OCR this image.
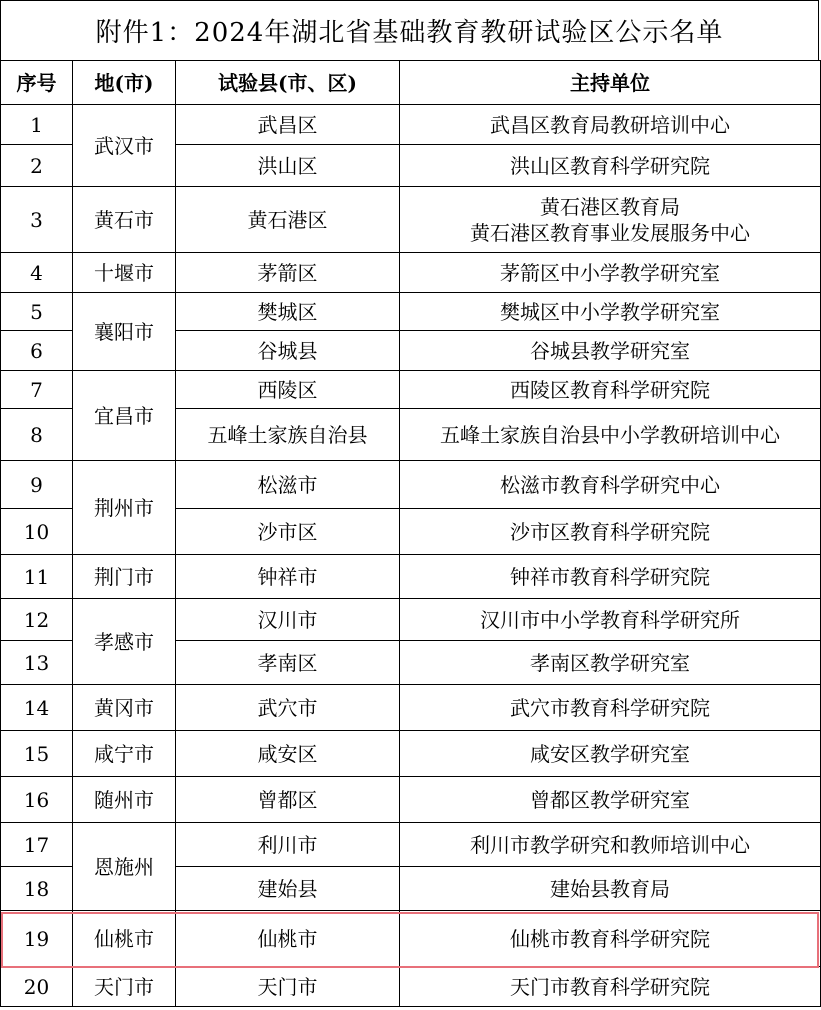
附件1：2024年湖北省基础教育教研试验区公示名单
序号	地(市)	试验县(市、区)	主持单位
1	武汉市	武昌区	武昌区教育局教研培训中心
2		洪山区	洪山区教育科学研究院
3	黄石市	黄石港区	黄石港区教育局
黄石港区教育事业发展服务中心

4	十堰市	茅箭区	茅箭区中小学教学研究室
5	襄阳市	樊城区	樊城区中小学教学研究室
6		谷城县	谷城县教学研究室
7	宜昌市	西陵区	西陵区教育科学研究院
8		五峰土家族自治县	五峰土家族自治县中小学教研培训中心
9	荆州市	松滋市	松滋市教育科学研究中心
10		沙市区	沙市区教育科学研究院
11	荆门市	钟祥市	钟祥市教育科学研究院
12	孝感市	汉川市	汉川市中小学教育科学研究所
13		孝南区	孝南区教学研究室
14	黄冈市	武穴市	武穴市教育科学研究院
15	咸宁市	咸安区	咸安区教学研究室
16	随州市	曾都区	曾都区教学研究室
17	恩施州	利川市	利川市教学研究和教师培训中心
18		建始县	建始县教育局
19	仙桃市	仙桃市	仙桃市教育科学研究院
20	天门市	天门市	天门市教育科学研究院
